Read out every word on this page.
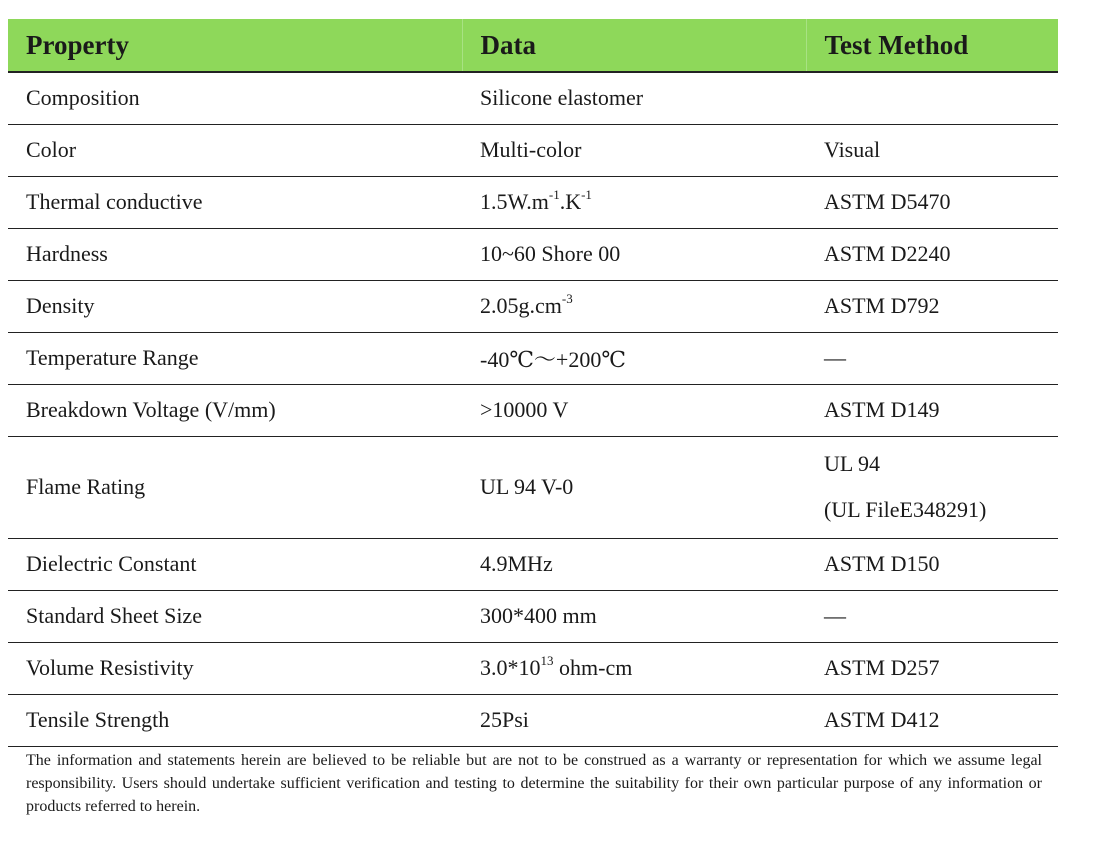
Property	Data	Test Method
Composition	Silicone elastomer	
Color	Multi-color	Visual
Thermal conductive	$1.5W.m^{-1}.K^{-1}$	ASTM D5470
Hardness	10~60 Shore 00	ASTM D2240
Density	$2.05g.cm^{-3}$	ASTM D792
Temperature Range	-40℃～+200℃	—
Breakdown Voltage (V/mm)	>10000 V	ASTM D149
Flame Rating	UL 94 V-0	UL 94
(UL FileE348291)

Dielectric Constant	4.9MHz	ASTM D150
Standard Sheet Size	300*400 mm	—
Volume Resistivity	$3.0*10^{13}$ ohm-cm	ASTM D257
Tensile Strength	25Psi	ASTM D412

The information and statements herein are believed to be reliable but are not to be construed as a warranty or representation for which we assume legal responsibility. Users should undertake sufficient verification and testing to determine the suitability for their own particular purpose of any information or products referred to herein.
